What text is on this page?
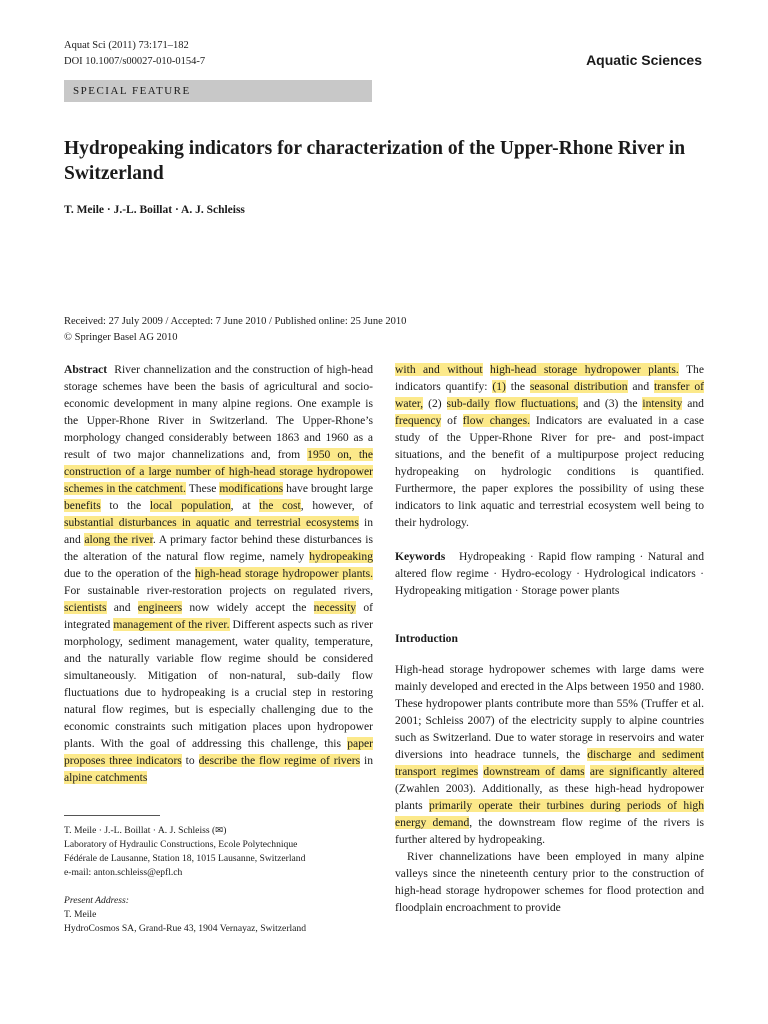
Aquat Sci (2011) 73:171–182
DOI 10.1007/s00027-010-0154-7	Aquatic Sciences
SPECIAL FEATURE
Hydropeaking indicators for characterization of the Upper-Rhone River in Switzerland
T. Meile · J.-L. Boillat · A. J. Schleiss
Received: 27 July 2009 / Accepted: 7 June 2010 / Published online: 25 June 2010
© Springer Basel AG 2010

Abstract River channelization and the construction of high-head storage schemes have been the basis of agricultural and socio-economic development in many alpine regions. One example is the Upper-Rhone River in Switzerland. The Upper-Rhone’s morphology changed considerably between 1863 and 1960 as a result of two major channelizations and, from 1950 on, the construction of a large number of high-head storage hydropower schemes in the catchment. These modifications have brought large benefits to the local population, at the cost, however, of substantial disturbances in aquatic and terrestrial ecosystems in and along the river. A primary factor behind these disturbances is the alteration of the natural flow regime, namely hydropeaking due to the operation of the high-head storage hydropower plants. For sustainable river-restoration projects on regulated rivers, scientists and engineers now widely accept the necessity of integrated management of the river. Different aspects such as river morphology, sediment management, water quality, temperature, and the naturally variable flow regime should be considered simultaneously. Mitigation of non-natural, sub-daily flow fluctuations due to hydropeaking is a crucial step in restoring natural flow regimes, but is especially challenging due to the economic constraints such mitigation places upon hydropower plants. With the goal of addressing this challenge, this paper proposes three indicators to describe the flow regime of rivers in alpine catchments

T. Meile · J.-L. Boillat · A. J. Schleiss (✉)
Laboratory of Hydraulic Constructions, Ecole Polytechnique
Fédérale de Lausanne, Station 18, 1015 Lausanne, Switzerland
e-mail: anton.schleiss@epfl.ch
Present Address:
T. Meile
HydroCosmos SA, Grand-Rue 43, 1904 Vernayaz, Switzerland

with and without high-head storage hydropower plants. The indicators quantify: (1) the seasonal distribution and transfer of water, (2) sub-daily flow fluctuations, and (3) the intensity and frequency of flow changes. Indicators are evaluated in a case study of the Upper-Rhone River for pre- and post-impact situations, and the benefit of a multipurpose project reducing hydropeaking on hydrologic conditions is quantified. Furthermore, the paper explores the possibility of using these indicators to link aquatic and terrestrial ecosystem well being to their hydrology.

Keywords Hydropeaking · Rapid flow ramping · Natural and altered flow regime · Hydro-ecology · Hydrological indicators · Hydropeaking mitigation · Storage power plants

Introduction

High-head storage hydropower schemes with large dams were mainly developed and erected in the Alps between 1950 and 1980. These hydropower plants contribute more than 55% (Truffer et al. 2001; Schleiss 2007) of the electricity supply to alpine countries such as Switzerland. Due to water storage in reservoirs and water diversions into headrace tunnels, the discharge and sediment transport regimes downstream of dams are significantly altered (Zwahlen 2003). Additionally, as these high-head hydropower plants primarily operate their turbines during periods of high energy demand, the downstream flow regime of the rivers is further altered by hydropeaking.

River channelizations have been employed in many alpine valleys since the nineteenth century prior to the construction of high-head storage hydropower schemes for flood protection and floodplain encroachment to provide
